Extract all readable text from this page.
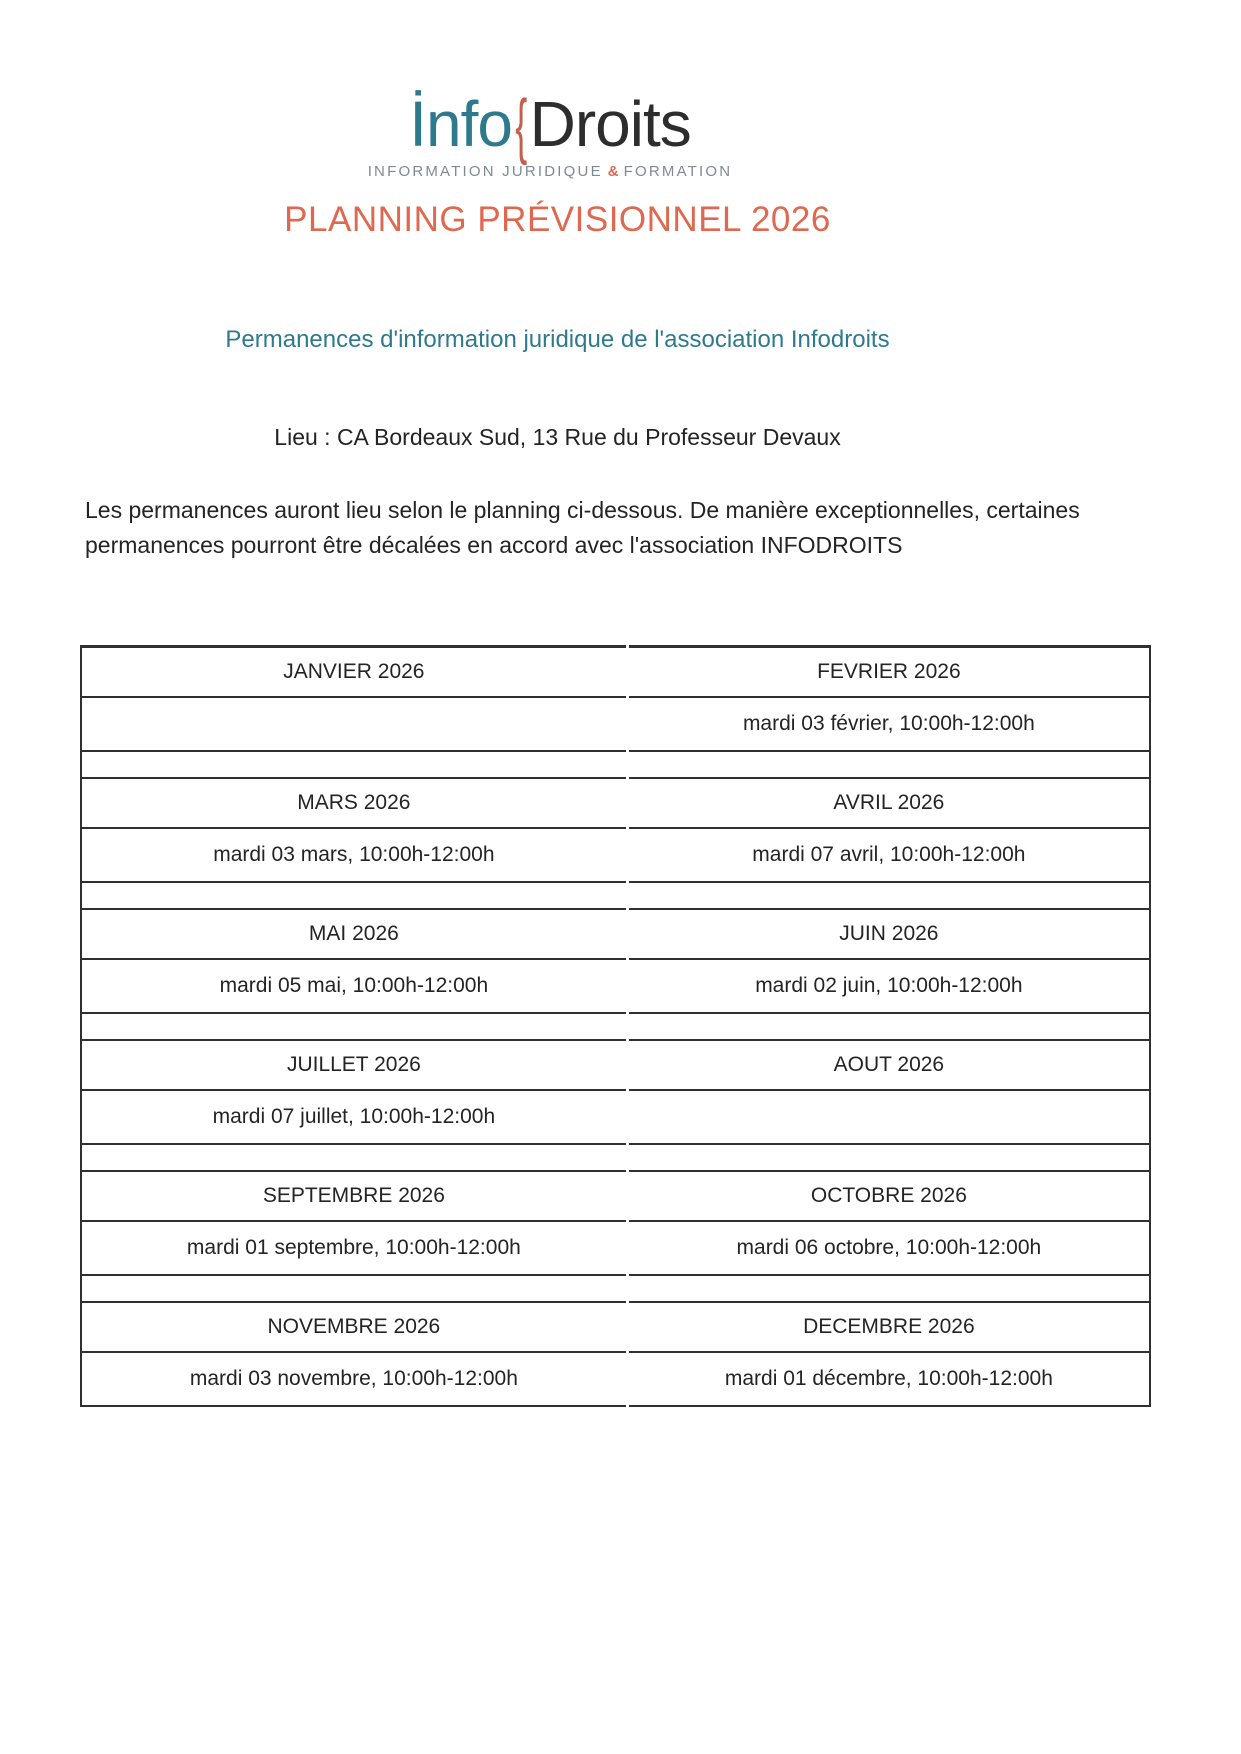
İnfo{Droits
INFORMATION JURIDIQUE & FORMATION
PLANNING PRÉVISIONNEL 2026
Permanences d'information juridique de l'association Infodroits

Lieu : CA Bordeaux Sud, 13 Rue du Professeur Devaux

Les permanences auront lieu selon le planning ci-dessous. De manière exceptionnelles, certaines permanences pourront être décalées en accord avec l'association INFODROITS

JANVIER 2026	FEVRIER 2026
	mardi 03 février, 10:00h-12:00h

MARS 2026	AVRIL 2026
mardi 03 mars, 10:00h-12:00h	mardi 07 avril, 10:00h-12:00h

MAI 2026	JUIN 2026
mardi 05 mai, 10:00h-12:00h	mardi 02 juin, 10:00h-12:00h

JUILLET 2026	AOUT 2026
mardi 07 juillet, 10:00h-12:00h	

SEPTEMBRE 2026	OCTOBRE 2026
mardi 01 septembre, 10:00h-12:00h	mardi 06 octobre, 10:00h-12:00h

NOVEMBRE 2026	DECEMBRE 2026
mardi 03 novembre, 10:00h-12:00h	mardi 01 décembre, 10:00h-12:00h
